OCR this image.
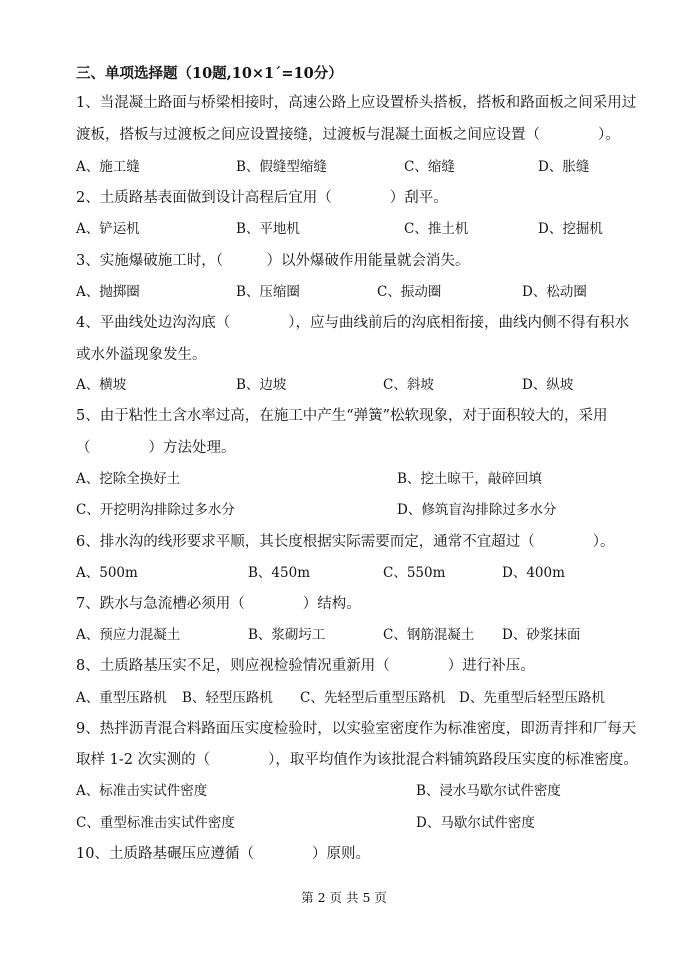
三、单项选择题（10题,10×1ˊ=10分）
1、当混凝土路面与桥梁相接时，高速公路上应设置桥头搭板，搭板和路面板之间采用过
渡板，搭板与过渡板之间应设置接缝，过渡板与混凝土面板之间应设置（　　　　）。
A、施工缝	B、假缝型缩缝	C、缩缝	D、胀缝
2、土质路基表面做到设计高程后宜用（　　　　）刮平。
A、铲运机	B、平地机	C、推土机	D、挖掘机
3、实施爆破施工时，（　　　）以外爆破作用能量就会消失。
A、抛掷圈	B、压缩圈	C、振动圈	D、松动圈
4、平曲线处边沟沟底（　　　　），应与曲线前后的沟底相衔接，曲线内侧不得有积水
或水外溢现象发生。
A、横坡	B、边坡	C、斜坡	D、纵坡
5、由于粘性土含水率过高，在施工中产生“弹簧”松软现象，对于面积较大的，采用
（　　　　）方法处理。
A、挖除全换好土	B、挖土晾干，敲碎回填
C、开挖明沟排除过多水分	D、修筑盲沟排除过多水分
6、排水沟的线形要求平顺，其长度根据实际需要而定，通常不宜超过（　　　　）。
A、500m	B、450m	C、550m	D、400m
7、跌水与急流槽必须用（　　　　）结构。
A、预应力混凝土	B、浆砌圬工	C、钢筋混凝土 D、砂浆抹面
8、土质路基压实不足，则应视检验情况重新用（　　　　）进行补压。
A、重型压路机 B、轻型压路机 C、先轻型后重型压路机 D、先重型后轻型压路机
9、热拌沥青混合料路面压实度检验时，以实验室密度作为标准密度，即沥青拌和厂每天
取样 1-2 次实测的（　　　　），取平均值作为该批混合料铺筑路段压实度的标准密度。
A、标准击实试件密度	B、浸水马歇尔试件密度
C、重型标准击实试件密度	D、马歇尔试件密度
10、土质路基碾压应遵循（　　　　）原则。
第 2 页 共 5 页
